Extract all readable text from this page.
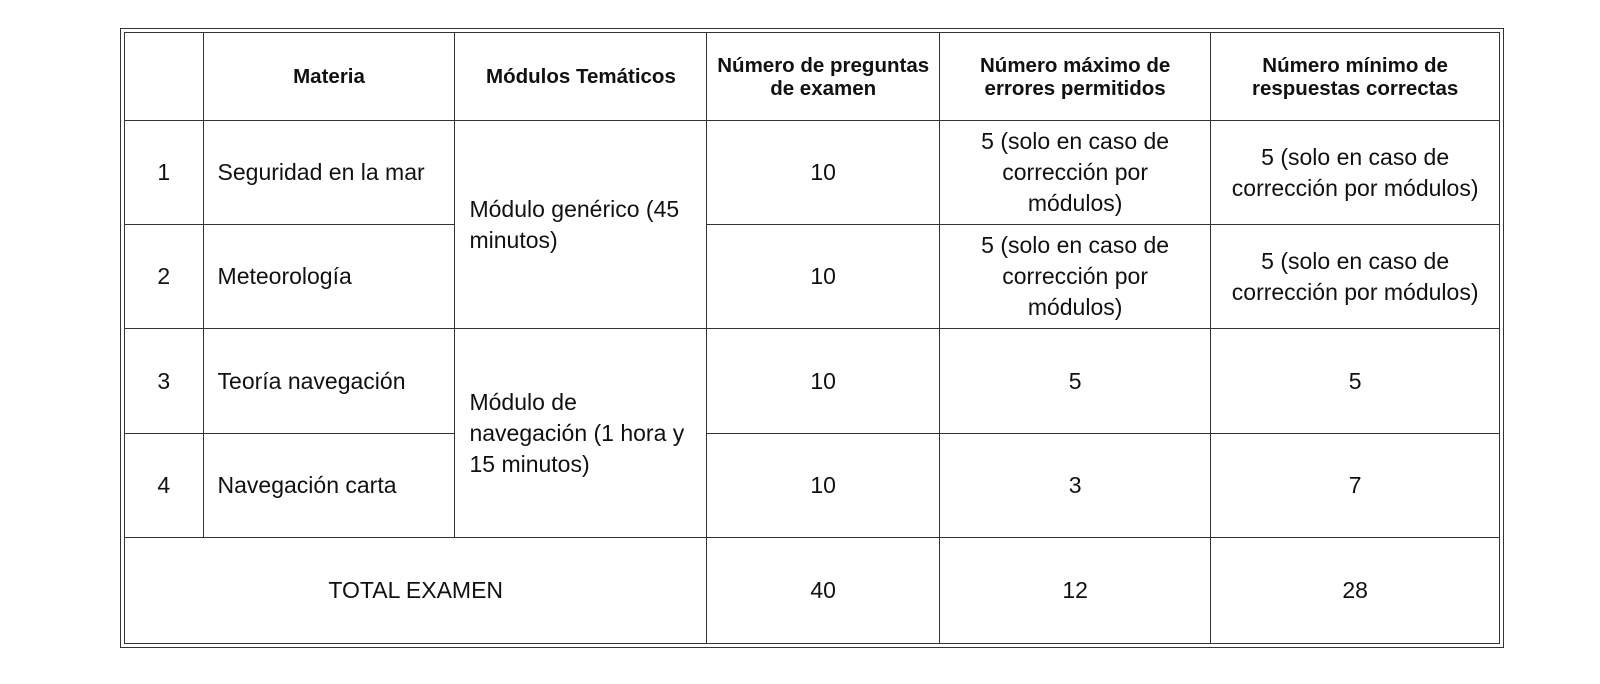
	Materia	Módulos Temáticos	Número de preguntas de examen	Número máximo de errores permitidos	Número mínimo de respuestas correctas
1	Seguridad en la mar	Módulo genérico (45 minutos)	10	5 (solo en caso de corrección por módulos)	5 (solo en caso de corrección por módulos)
2	Meteorología		10	5 (solo en caso de corrección por módulos)	5 (solo en caso de corrección por módulos)
3	Teoría navegación	Módulo de navegación (1 hora y 15 minutos)	10	5	5
4	Navegación carta		10	3	7
TOTAL EXAMEN			40	12	28
